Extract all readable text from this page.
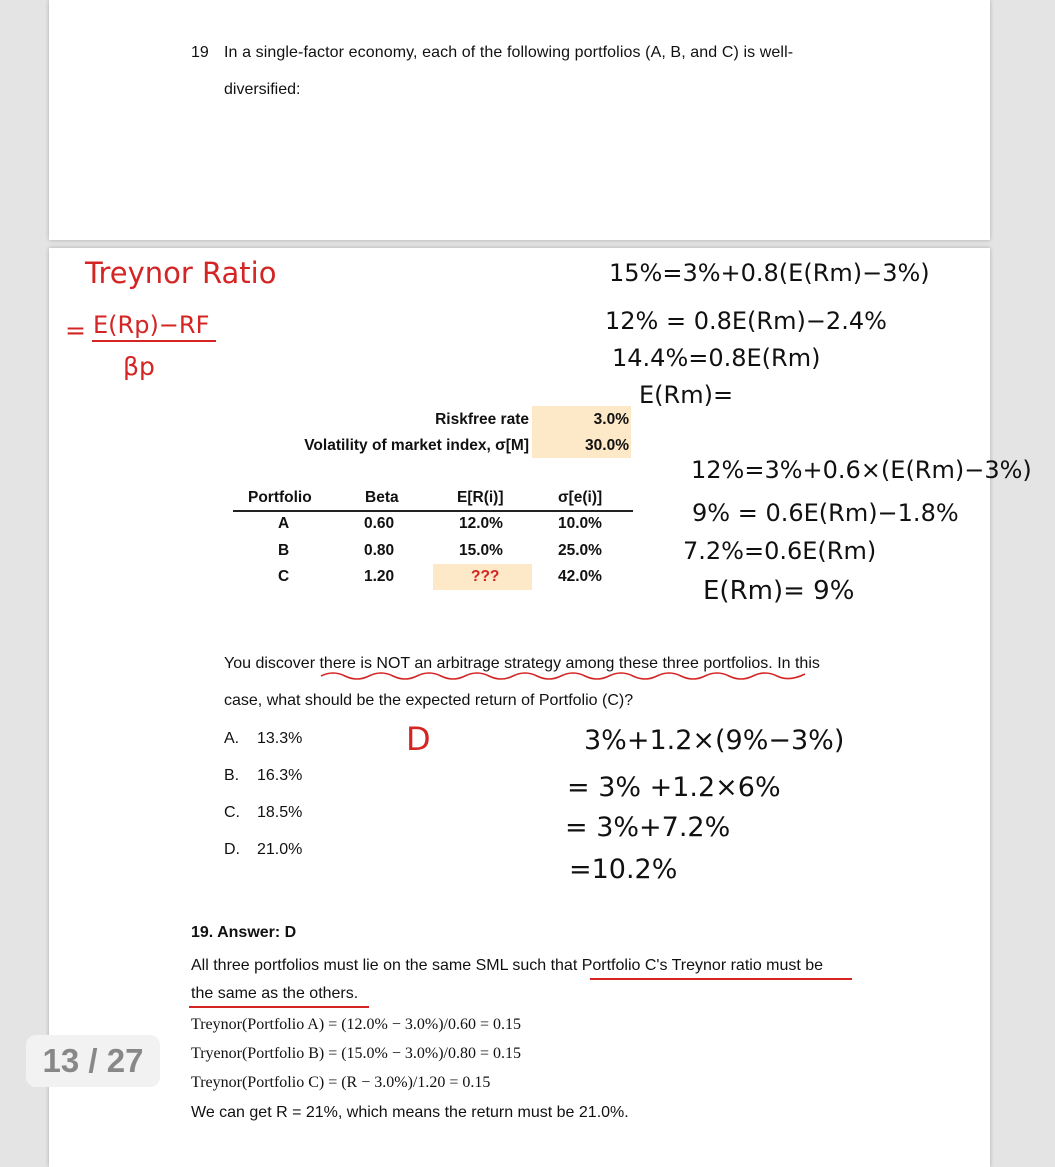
19 In a single-factor economy, each of the following portfolios (A, B, and C) is well-
diversified:
Treynor Ratio
= E(Rp)−RF
βp
15%=3%+0.8(E(Rm)−3%)
12% = 0.8E(Rm)−2.4%
14.4%=0.8E(Rm)
E(Rm)=
Riskfree rate	3.0%
Volatility of market index, σ[M]	30.0%
Portfolio	Beta	E[R(i)]	σ[e(i)]
A	0.60	12.0%	10.0%
B	0.80	15.0%	25.0%
C	1.20	???	42.0%
12%=3%+0.6×(E(Rm)−3%)
9% = 0.6E(Rm)−1.8%
7.2%=0.6E(Rm)
E(Rm)= 9%
You discover there is NOT an arbitrage strategy among these three portfolios. In this
case, what should be the expected return of Portfolio (C)?
A. 13.3%
B. 16.3%
C. 18.5%
D. 21.0%
D	3%+1.2×(9%−3%)
= 3% +1.2×6%
= 3%+7.2%
=10.2%
19. Answer: D
All three portfolios must lie on the same SML such that Portfolio C's Treynor ratio must be
the same as the others.
Treynor(Portfolio A) = (12.0% − 3.0%)/0.60 = 0.15
Tryenor(Portfolio B) = (15.0% − 3.0%)/0.80 = 0.15
Treynor(Portfolio C) = (R − 3.0%)/1.20 = 0.15
We can get R = 21%, which means the return must be 21.0%.
13 / 27
